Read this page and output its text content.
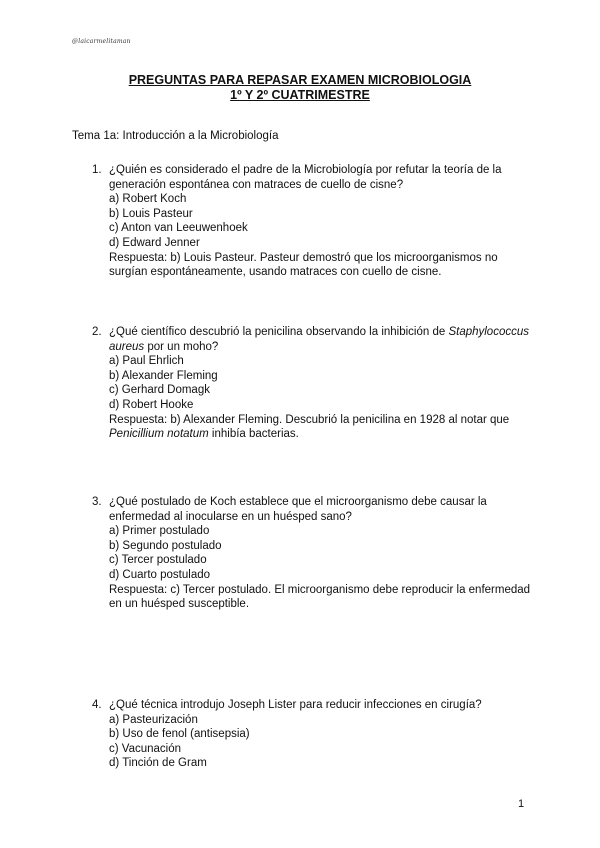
@laicarmelitaman
PREGUNTAS PARA REPASAR EXAMEN MICROBIOLOGIA
1º Y 2º CUATRIMESTRE
Tema 1a: Introducción a la Microbiología
1. ¿Quién es considerado el padre de la Microbiología por refutar la teoría de la generación espontánea con matraces de cuello de cisne?
a) Robert Koch
b) Louis Pasteur
c) Anton van Leeuwenhoek
d) Edward Jenner
Respuesta: b) Louis Pasteur. Pasteur demostró que los microorganismos no surgían espontáneamente, usando matraces con cuello de cisne.
2. ¿Qué científico descubrió la penicilina observando la inhibición de Staphylococcus aureus por un moho?
a) Paul Ehrlich
b) Alexander Fleming
c) Gerhard Domagk
d) Robert Hooke
Respuesta: b) Alexander Fleming. Descubrió la penicilina en 1928 al notar que Penicillium notatum inhibía bacterias.
3. ¿Qué postulado de Koch establece que el microorganismo debe causar la enfermedad al inocularse en un huésped sano?
a) Primer postulado
b) Segundo postulado
c) Tercer postulado
d) Cuarto postulado
Respuesta: c) Tercer postulado. El microorganismo debe reproducir la enfermedad en un huésped susceptible.
4. ¿Qué técnica introdujo Joseph Lister para reducir infecciones en cirugía?
a) Pasteurización
b) Uso de fenol (antisepsia)
c) Vacunación
d) Tinción de Gram
1
